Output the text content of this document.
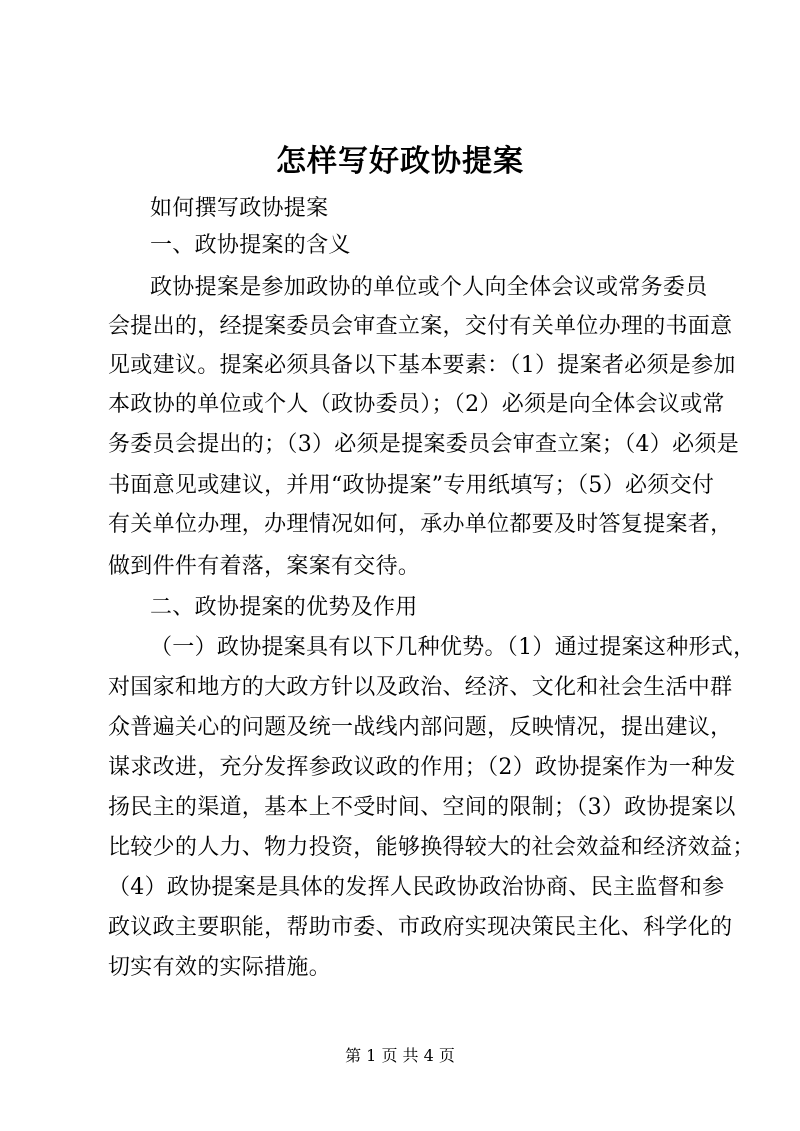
怎样写好政协提案
如何撰写政协提案
一、政协提案的含义
政协提案是参加政协的单位或个人向全体会议或常务委员
会提出的，经提案委员会审查立案，交付有关单位办理的书面意
见或建议。提案必须具备以下基本要素：（1）提案者必须是参加
本政协的单位或个人（政协委员）；（2）必须是向全体会议或常
务委员会提出的；（3）必须是提案委员会审查立案；（4）必须是
书面意见或建议，并用“政协提案”专用纸填写；（5）必须交付
有关单位办理，办理情况如何，承办单位都要及时答复提案者，
做到件件有着落，案案有交待。
二、政协提案的优势及作用
（一）政协提案具有以下几种优势。（1）通过提案这种形式，
对国家和地方的大政方针以及政治、经济、文化和社会生活中群
众普遍关心的问题及统一战线内部问题，反映情况，提出建议，
谋求改进，充分发挥参政议政的作用；（2）政协提案作为一种发
扬民主的渠道，基本上不受时间、空间的限制；（3）政协提案以
比较少的人力、物力投资，能够换得较大的社会效益和经济效益；
（4）政协提案是具体的发挥人民政协政治协商、民主监督和参
政议政主要职能，帮助市委、市政府实现决策民主化、科学化的
切实有效的实际措施。
第 1 页 共 4 页
